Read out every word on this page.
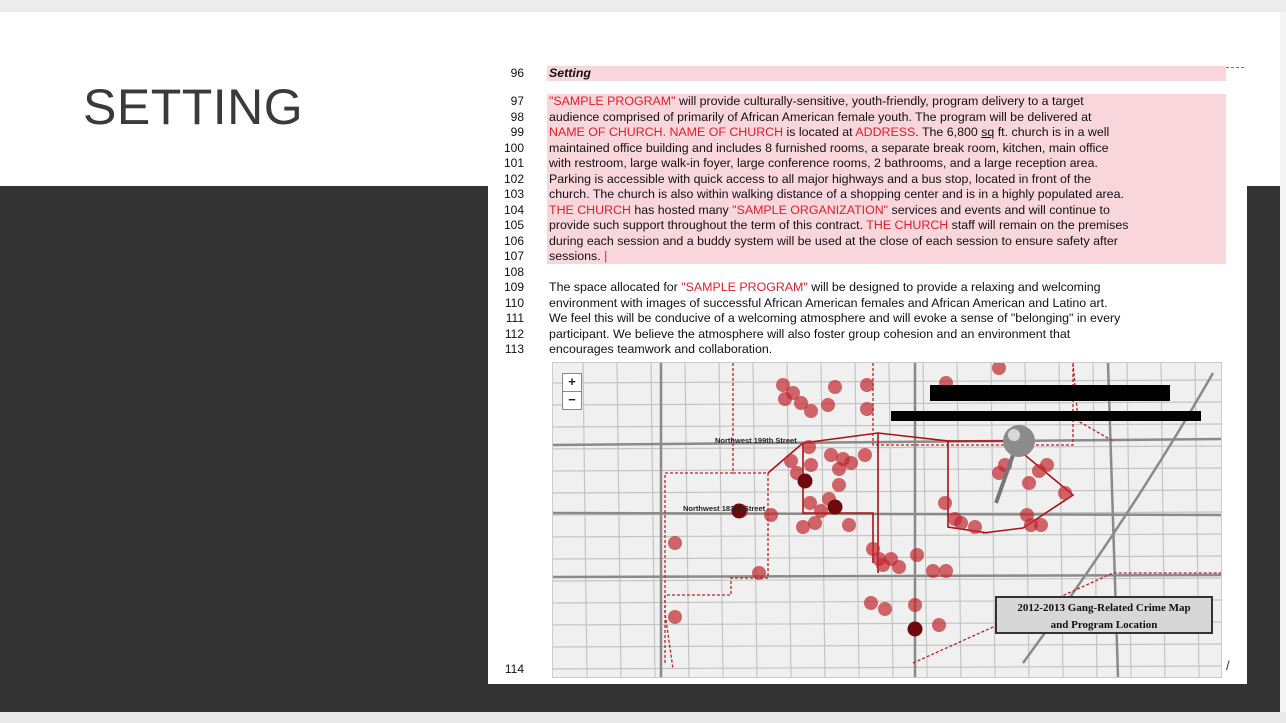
SETTING
96 Setting
97
98
99
100
101
102
103
104
105
106
107
108
109
110
111
112
113
"SAMPLE PROGRAM" will provide culturally-sensitive, youth-friendly, program delivery to a target
audience comprised of primarily of African American female youth. The program will be delivered at
NAME OF CHURCH. NAME OF CHURCH is located at ADDRESS. The 6,800 sq ft. church is in a well
maintained office building and includes 8 furnished rooms, a separate break room, kitchen, main office
with restroom, large walk-in foyer, large conference rooms, 2 bathrooms, and a large reception area.
Parking is accessible with quick access to all major highways and a bus stop, located in front of the
church. The church is also within walking distance of a shopping center and is in a highly populated area.
THE CHURCH has hosted many "SAMPLE ORGANIZATION" services and events and will continue to
provide such support throughout the term of this contract. THE CHURCH staff will remain on the premises
during each session and a buddy system will be used at the close of each session to ensure safety after
sessions. |
The space allocated for "SAMPLE PROGRAM" will be designed to provide a relaxing and welcoming
environment with images of successful African American females and African American and Latino art.
We feel this will be conducive of a welcoming atmosphere and will evoke a sense of "belonging" in every
participant. We believe the atmosphere will also foster group cohesion and an environment that
encourages teamwork and collaboration.
114	/
+
−
Northwest 199th Street
Northwest 183rd Street
2012-2013 Gang-Related Crime Map
and Program Location
